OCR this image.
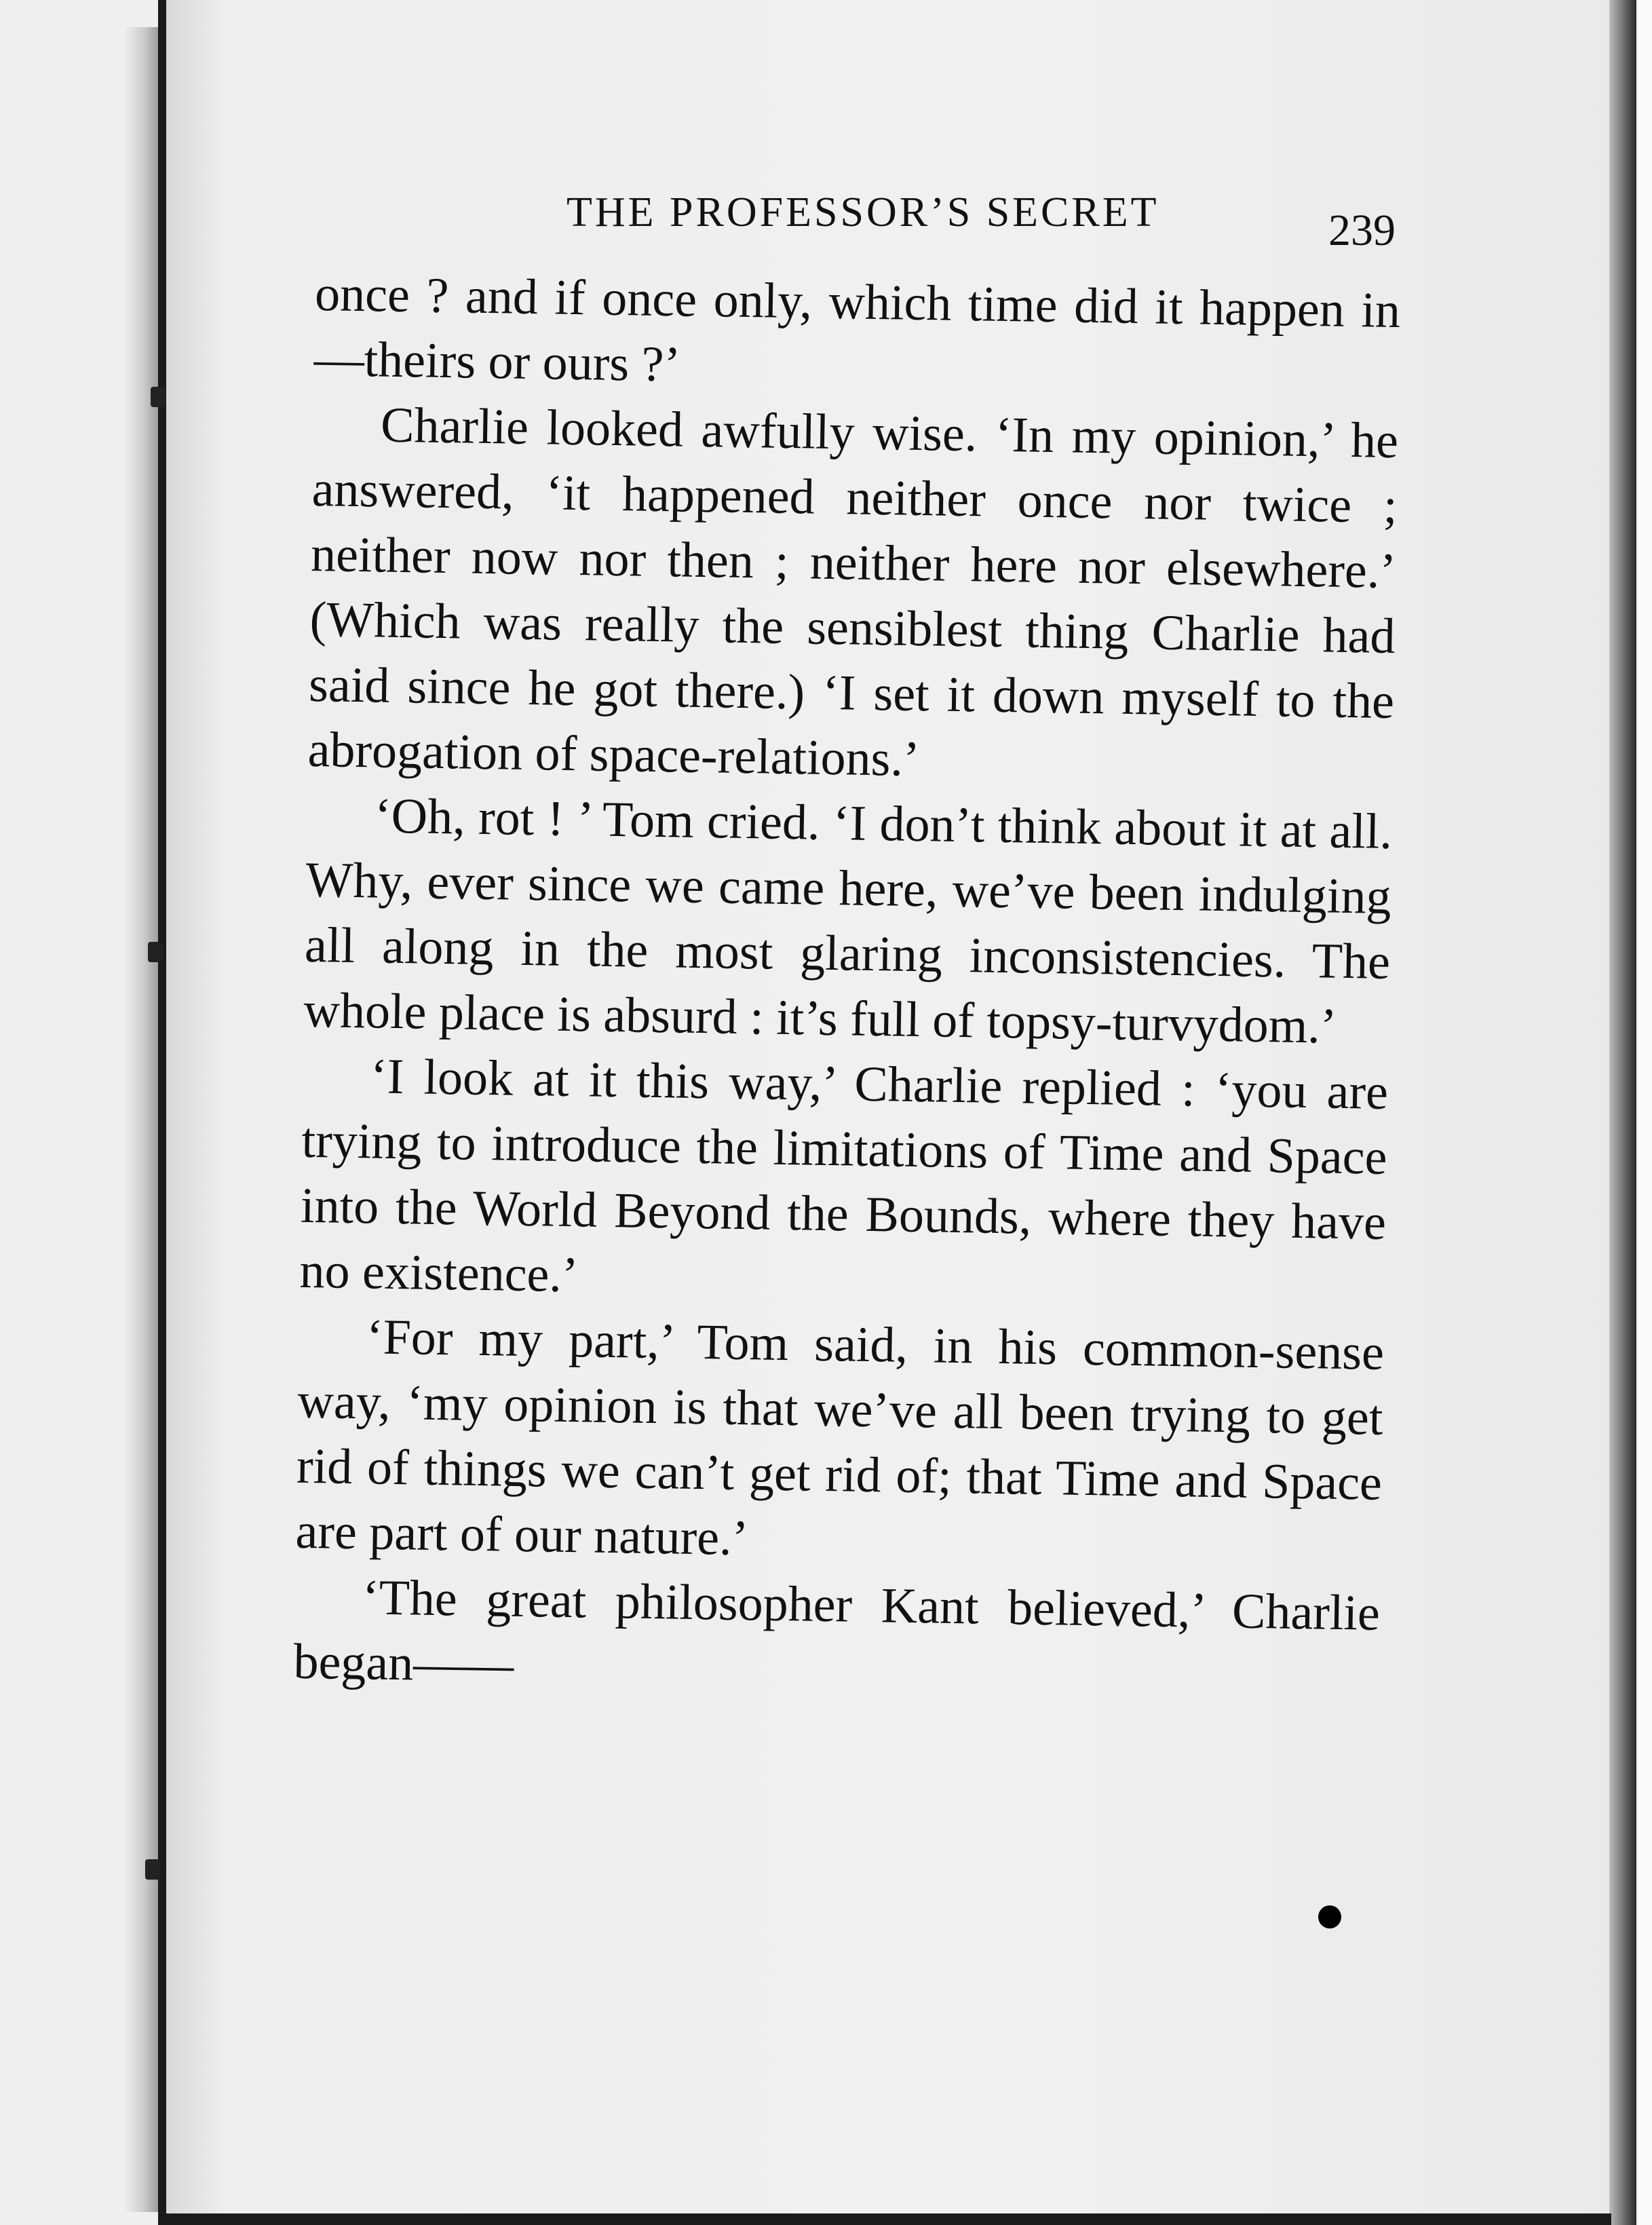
THE PROFESSOR’S SECRET	239

once ? and if once only, which time did it happen in—theirs or ours ?’

Charlie looked awfully wise. ‘In my opinion,’ he answered, ‘it happened neither once nor twice ; neither now nor then ; neither here nor elsewhere.’ (Which was really the sensiblest thing Charlie had said since he got there.) ‘I set it down myself to the abrogation of space-relations.’

‘Oh, rot ! ’ Tom cried. ‘I don’t think about it at all. Why, ever since we came here, we’ve been indulging all along in the most glaring inconsistencies. The whole place is absurd : it’s full of topsy-turvydom.’

‘I look at it this way,’ Charlie replied : ‘you are trying to introduce the limitations of Time and Space into the World Beyond the Bounds, where they have no existence.’

‘For my part,’ Tom said, in his common-sense way, ‘my opinion is that we’ve all been trying to get rid of things we can’t get rid of; that Time and Space are part of our nature.’

‘The great philosopher Kant believed,’ Charlie began——
